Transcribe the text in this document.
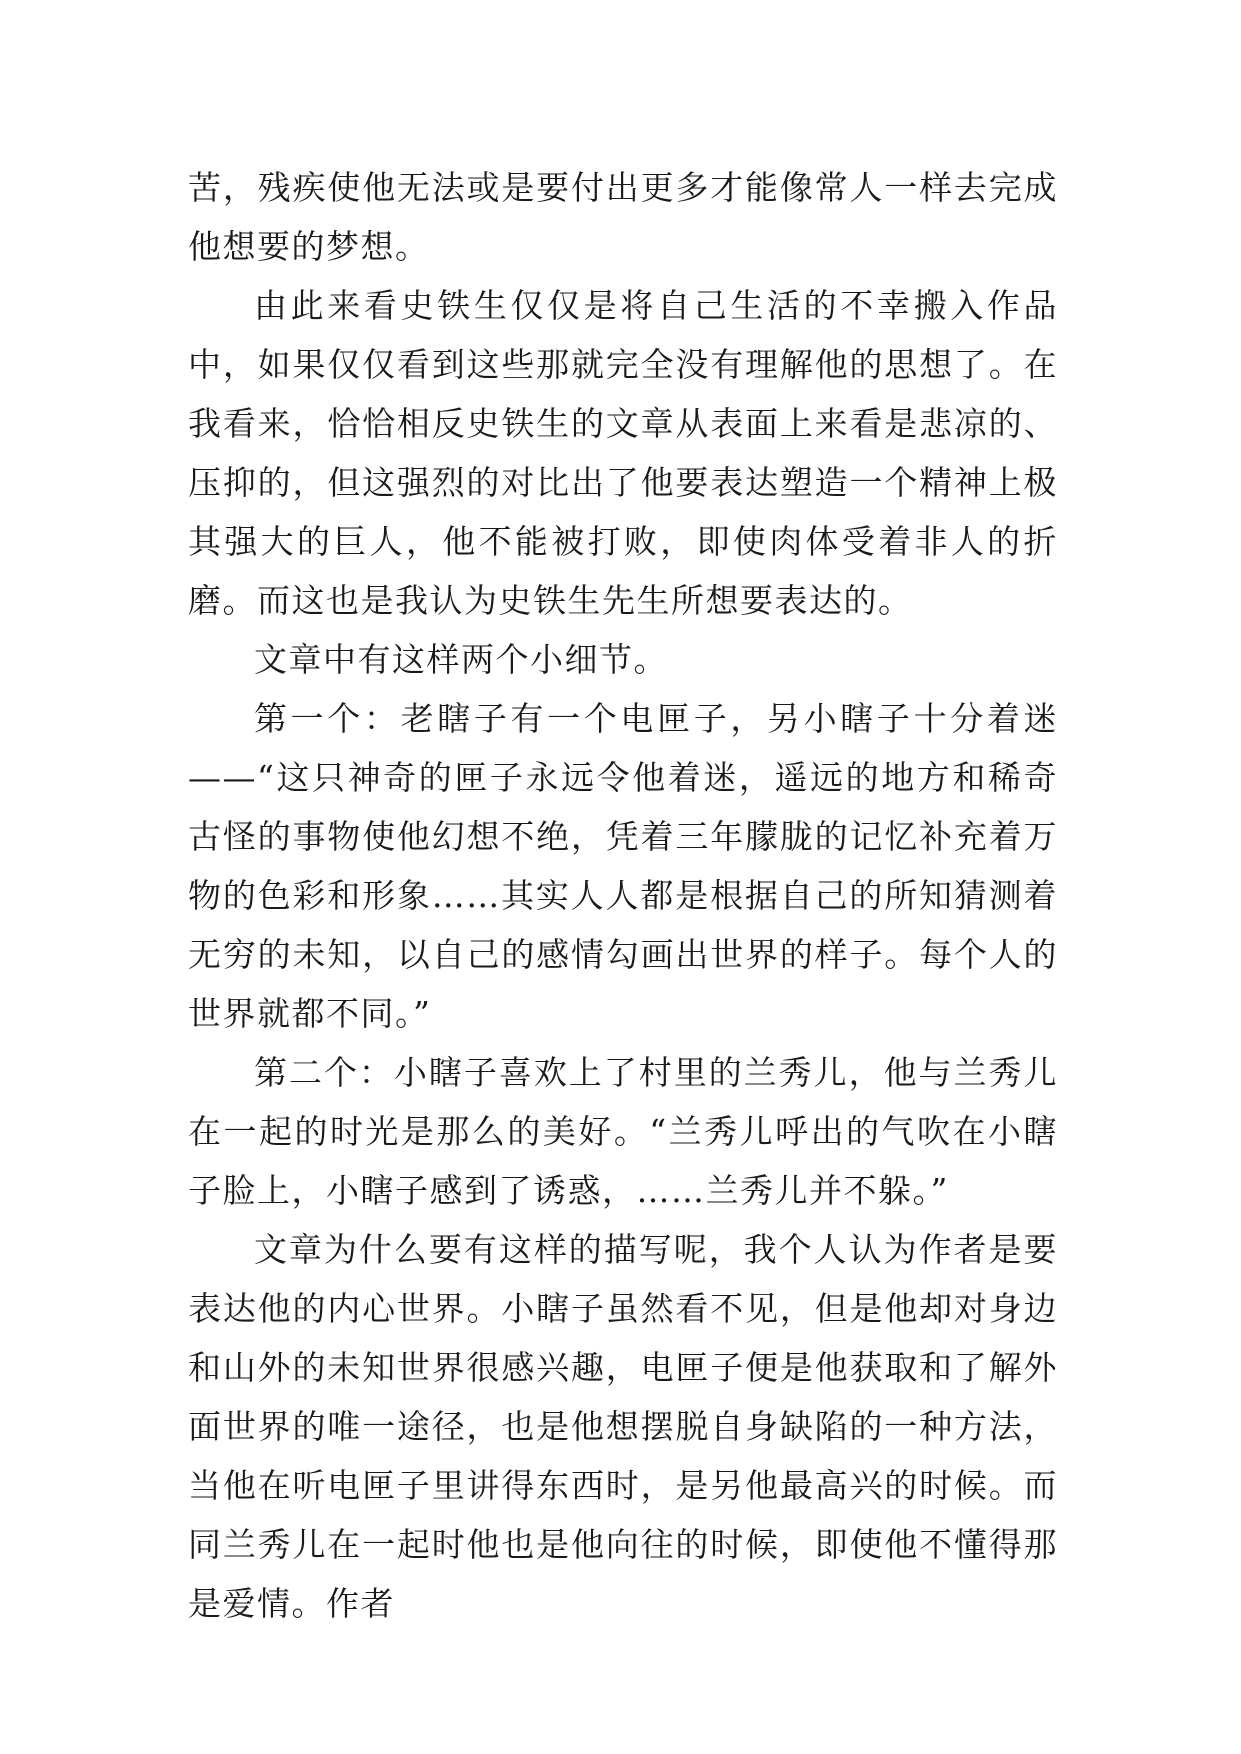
苦，残疾使他无法或是要付出更多才能像常人一样去完成他想要的梦想。

由此来看史铁生仅仅是将自己生活的不幸搬入作品中，如果仅仅看到这些那就完全没有理解他的思想了。在我看来，恰恰相反史铁生的文章从表面上来看是悲凉的、压抑的，但这强烈的对比出了他要表达塑造一个精神上极其强大的巨人，他不能被打败，即使肉体受着非人的折磨。而这也是我认为史铁生先生所想要表达的。

文章中有这样两个小细节。

第一个：老瞎子有一个电匣子，另小瞎子十分着迷——“这只神奇的匣子永远令他着迷，遥远的地方和稀奇古怪的事物使他幻想不绝，凭着三年朦胧的记忆补充着万物的色彩和形象……其实人人都是根据自己的所知猜测着无穷的未知，以自己的感情勾画出世界的样子。每个人的世界就都不同。”

第二个：小瞎子喜欢上了村里的兰秀儿，他与兰秀儿在一起的时光是那么的美好。“兰秀儿呼出的气吹在小瞎子脸上，小瞎子感到了诱惑，……兰秀儿并不躲。”

文章为什么要有这样的描写呢，我个人认为作者是要表达他的内心世界。小瞎子虽然看不见，但是他却对身边和山外的未知世界很感兴趣，电匣子便是他获取和了解外面世界的唯一途径，也是他想摆脱自身缺陷的一种方法，当他在听电匣子里讲得东西时，是另他最高兴的时候。而同兰秀儿在一起时他也是他向往的时候，即使他不懂得那是爱情。作者
